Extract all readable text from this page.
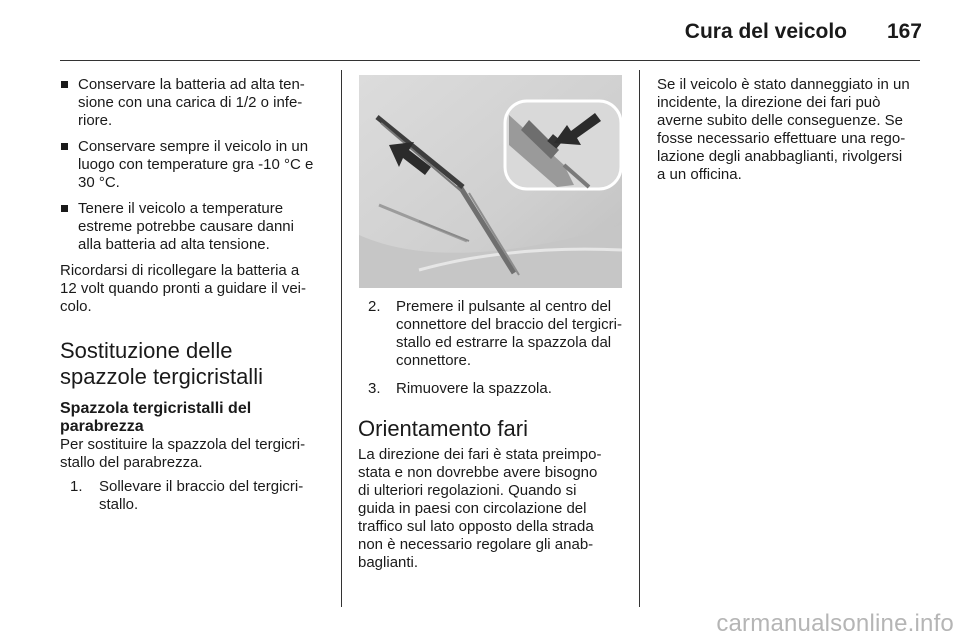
Cura del veicolo 167

Conservare la batteria ad alta ten-

sione con una carica di 1/2 o infe-

riore.

Conservare sempre il veicolo in un

luogo con temperature gra -10 °C e

30 °C.

Tenere il veicolo a temperature

estreme potrebbe causare danni

alla batteria ad alta tensione.

Ricordarsi di ricollegare la batteria a

12 volt quando pronti a guidare il vei-

colo.

Sostituzione delle

spazzole tergicristalli

Spazzola tergicristalli del

parabrezza

Per sostituire la spazzola del tergicri-

stallo del parabrezza.

1. Sollevare il braccio del tergicri-

stallo.

2. Premere il pulsante al centro del

connettore del braccio del tergicri-

stallo ed estrarre la spazzola dal

connettore.

3. Rimuovere la spazzola.

Orientamento fari

La direzione dei fari è stata preimpo-

stata e non dovrebbe avere bisogno

di ulteriori regolazioni. Quando si

guida in paesi con circolazione del

traffico sul lato opposto della strada

non è necessario regolare gli anab-

baglianti.

Se il veicolo è stato danneggiato in un

incidente, la direzione dei fari può

averne subito delle conseguenze. Se

fosse necessario effettuare una rego-

lazione degli anabbaglianti, rivolgersi

a un officina.

carmanualsonline.info
